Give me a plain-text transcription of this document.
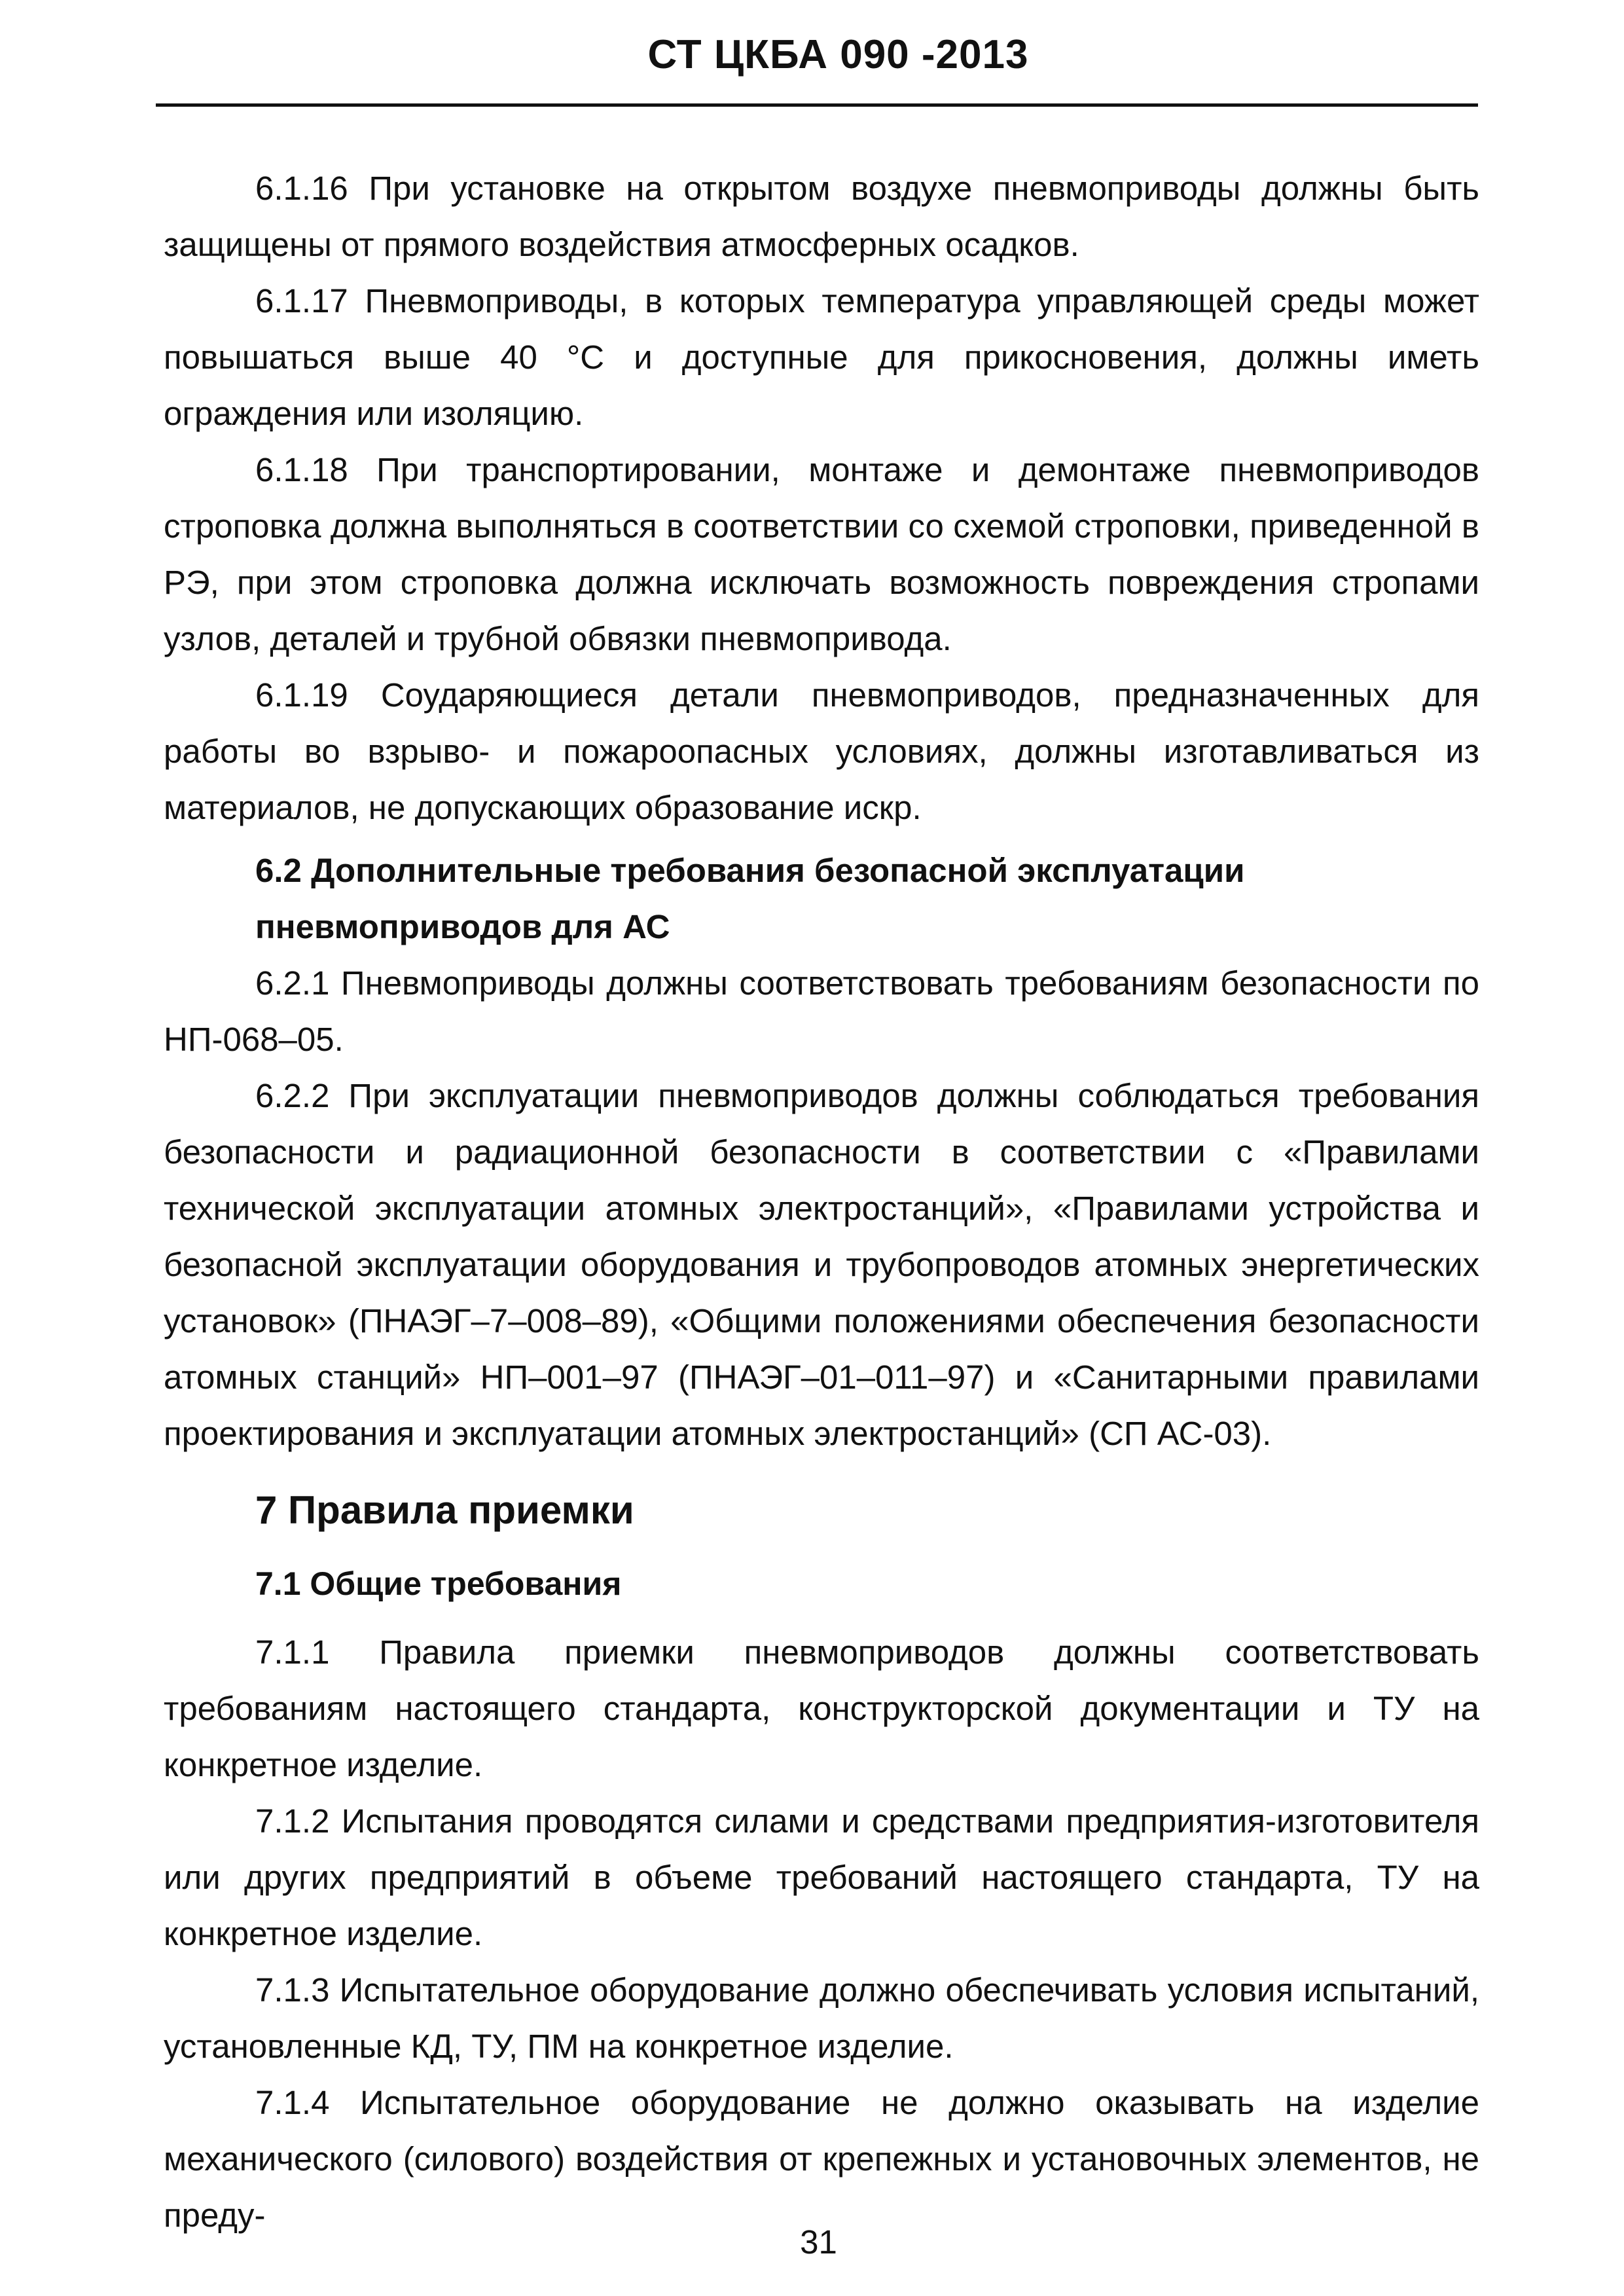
СТ ЦКБА 090 -2013

6.1.16 При установке на открытом воздухе пневмоприводы должны быть защищены от прямого воздействия атмосферных осадков.

6.1.17 Пневмоприводы, в которых температура управляющей среды может повышаться выше 40 °С и доступные для прикосновения, должны иметь ограждения или изоляцию.

6.1.18 При транспортировании, монтаже и демонтаже пневмоприводов строповка должна выполняться в соответствии со схемой строповки, приведенной в РЭ, при этом строповка должна исключать возможность повреждения стропами узлов, деталей и трубной обвязки пневмопривода.

6.1.19 Соударяющиеся детали пневмоприводов, предназначенных для работы во взрыво- и пожароопасных условиях, должны изготавливаться из материалов, не допускающих образование искр.

6.2 Дополнительные требования безопасной эксплуатации
пневмоприводов для АС

6.2.1 Пневмоприводы должны соответствовать требованиям безопасности по НП-068–05.

6.2.2 При эксплуатации пневмоприводов должны соблюдаться требования безопасности и радиационной безопасности в соответствии с «Правилами технической эксплуатации атомных электростанций», «Правилами устройства и безопасной эксплуатации оборудования и трубопроводов атомных энергетических установок» (ПНАЭГ–7–008–89), «Общими положениями обеспечения безопасности атомных станций» НП–001–97 (ПНАЭГ–01–011–97) и «Санитарными правилами проектирования и эксплуатации атомных электростанций» (СП АС-03).

7 Правила приемки
7.1 Общие требования

7.1.1 Правила приемки пневмоприводов должны соответствовать требованиям настоящего стандарта, конструкторской документации и ТУ на конкретное изделие.

7.1.2 Испытания проводятся силами и средствами предприятия-изготовителя или других предприятий в объеме требований настоящего стандарта, ТУ на конкретное изделие.

7.1.3 Испытательное оборудование должно обеспечивать условия испытаний, установленные КД, ТУ, ПМ на конкретное изделие.

7.1.4 Испытательное оборудование не должно оказывать на изделие механического (силового) воздействия от крепежных и установочных элементов, не преду-

31
